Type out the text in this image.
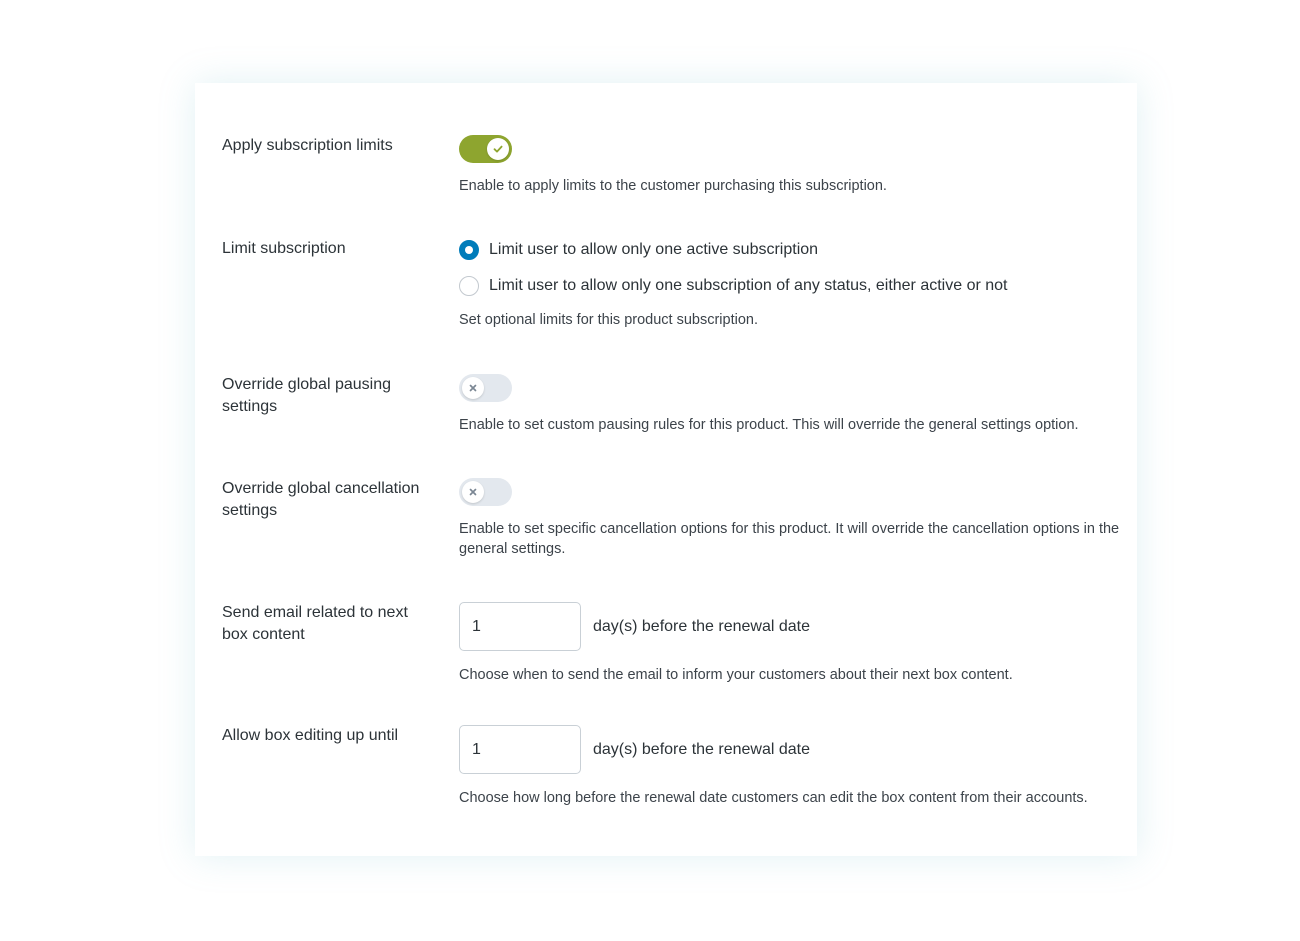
Apply subscription limits
Enable to apply limits to the customer purchasing this subscription.
Limit subscription	Limit user to allow only one active subscription
Limit user to allow only one subscription of any status, either active or not
Set optional limits for this product subscription.
Override global pausing settings
Enable to set custom pausing rules for this product. This will override the general settings option.
Override global cancellation settings
Enable to set specific cancellation options for this product. It will override the cancellation options in the general settings.
Send email related to next box content
1	day(s) before the renewal date
Choose when to send the email to inform your customers about their next box content.
Allow box editing up until
1
day(s) before the renewal date
Choose how long before the renewal date customers can edit the box content from their accounts.
